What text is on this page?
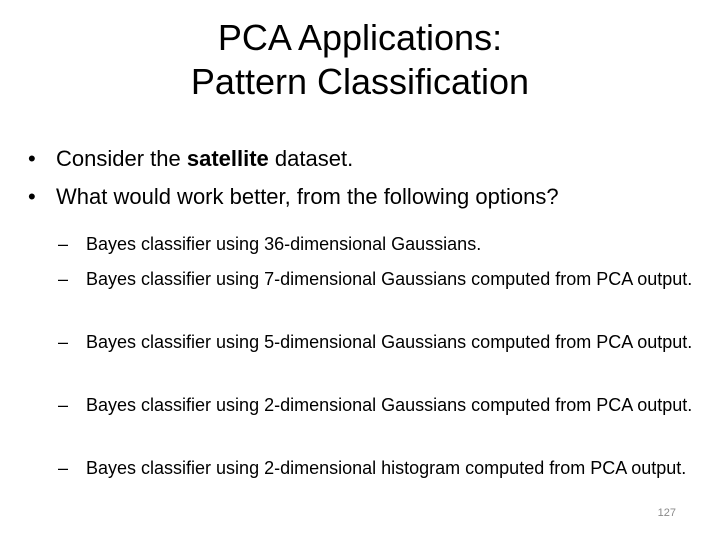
PCA Applications:
Pattern Classification
• Consider the satellite dataset.
• What would work better, from the following options?
– Bayes classifier using 36-dimensional Gaussians.
– Bayes classifier using 7-dimensional Gaussians computed from PCA output.
– Bayes classifier using 5-dimensional Gaussians computed from PCA output.
– Bayes classifier using 2-dimensional Gaussians computed from PCA output.
– Bayes classifier using 2-dimensional histogram computed from PCA output.
127
